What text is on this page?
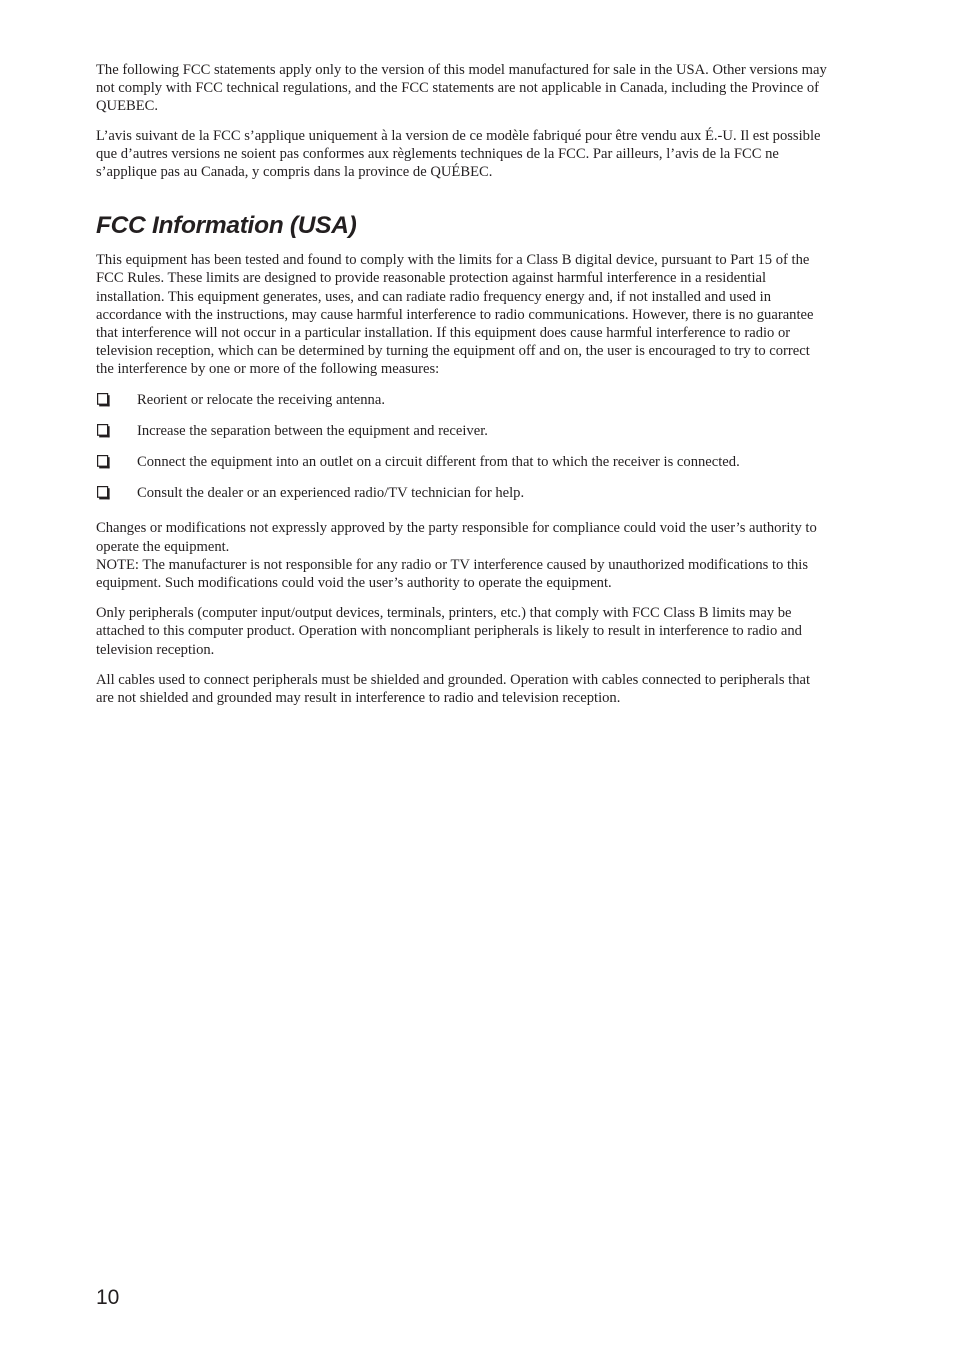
The following FCC statements apply only to the version of this model manufactured for sale in the USA. Other versions may not comply with FCC technical regulations, and the FCC statements are not applicable in Canada, including the Province of QUEBEC.

L’avis suivant de la FCC s’applique uniquement à la version de ce modèle fabriqué pour être vendu aux É.-U. Il est possible que d’autres versions ne soient pas conformes aux règlements techniques de la FCC. Par ailleurs, l’avis de la FCC ne s’applique pas au Canada, y compris dans la province de QUÉBEC.

FCC Information (USA)

This equipment has been tested and found to comply with the limits for a Class B digital device, pursuant to Part 15 of the FCC Rules. These limits are designed to provide reasonable protection against harmful interference in a residential installation. This equipment generates, uses, and can radiate radio frequency energy and, if not installed and used in accordance with the instructions, may cause harmful interference to radio communications. However, there is no guarantee that interference will not occur in a particular installation. If this equipment does cause harmful interference to radio or television reception, which can be determined by turning the equipment off and on, the user is encouraged to try to correct the interference by one or more of the following measures:

Reorient or relocate the receiving antenna.
Increase the separation between the equipment and receiver.
Connect the equipment into an outlet on a circuit different from that to which the receiver is connected.
Consult the dealer or an experienced radio/TV technician for help.

Changes or modifications not expressly approved by the party responsible for compliance could void the user’s authority to operate the equipment.

NOTE: The manufacturer is not responsible for any radio or TV interference caused by unauthorized modifications to this equipment. Such modifications could void the user’s authority to operate the equipment.

Only peripherals (computer input/output devices, terminals, printers, etc.) that comply with FCC Class B limits may be attached to this computer product. Operation with noncompliant peripherals is likely to result in interference to radio and television reception.

All cables used to connect peripherals must be shielded and grounded. Operation with cables connected to peripherals that are not shielded and grounded may result in interference to radio and television reception.

10
